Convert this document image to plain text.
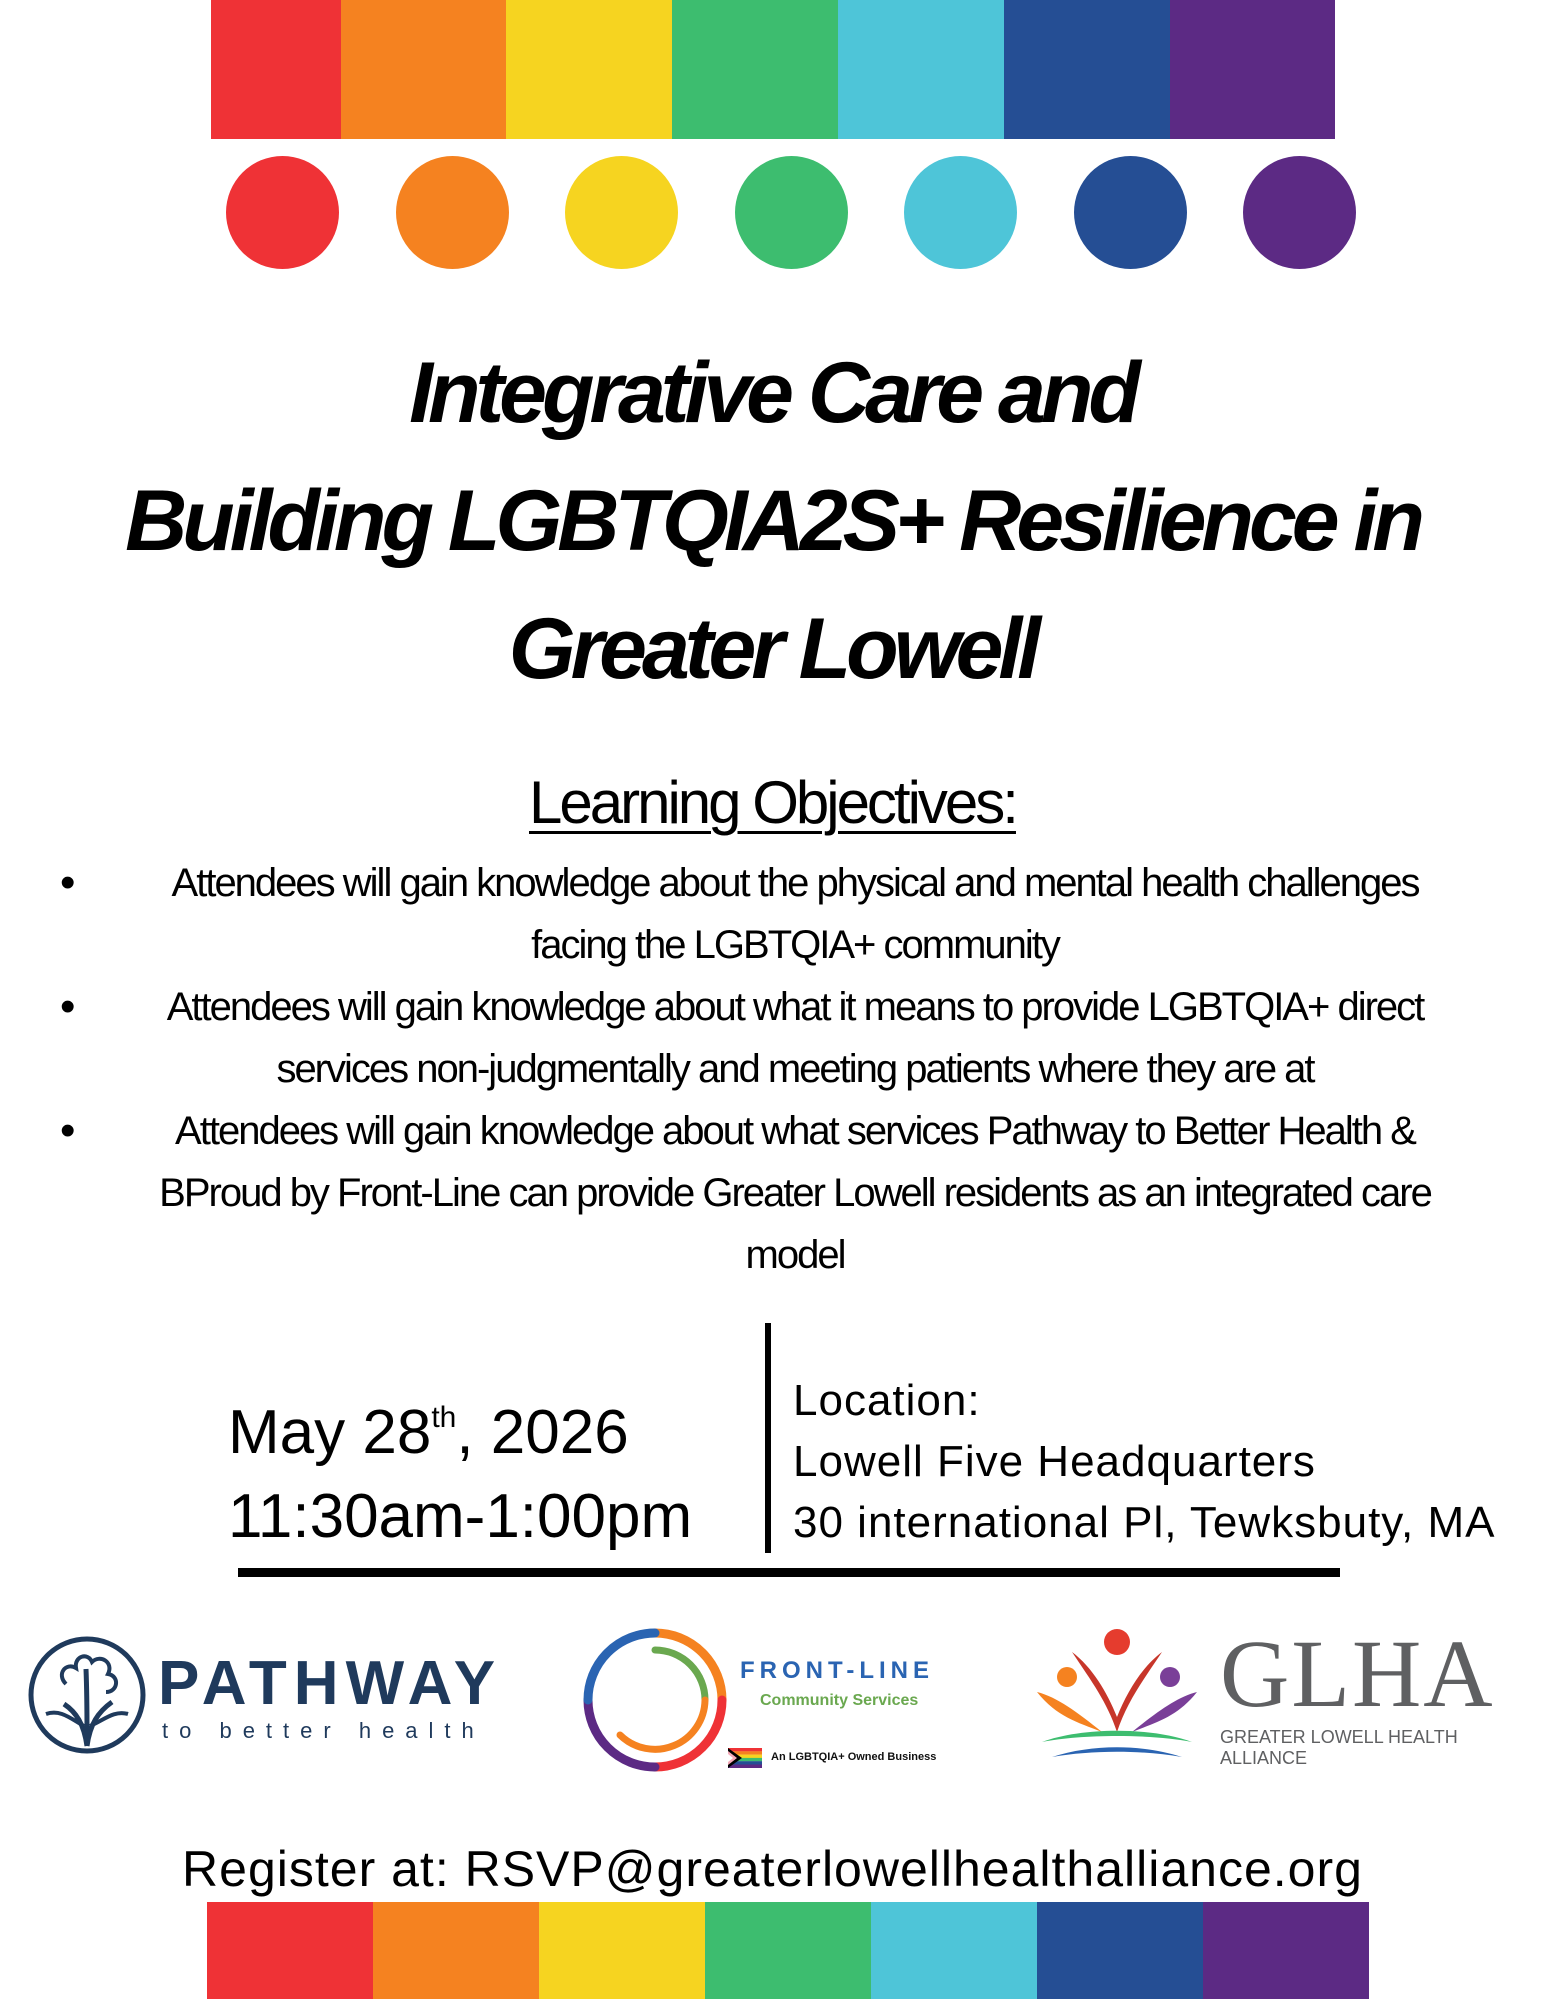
Integrative Care and
Building LGBTQIA2S+ Resilience in
Greater Lowell
Learning Objectives:
• Attendees will gain knowledge about the physical and mental health challenges facing the LGBTQIA+ community
• Attendees will gain knowledge about what it means to provide LGBTQIA+ direct services non-judgmentally and meeting patients where they are at
• Attendees will gain knowledge about what services Pathway to Better Health & BProud by Front-Line can provide Greater Lowell residents as an integrated care model
May 28th, 2026
11:30am-1:00pm
Location:
Lowell Five Headquarters
30 international Pl, Tewksbuty, MA
PATHWAY
to better health
FRONT-LINE
Community Services
An LGBTQIA+ Owned Business
GLHA
GREATER LOWELL HEALTH ALLIANCE
Register at: RSVP@greaterlowellhealthalliance.org
